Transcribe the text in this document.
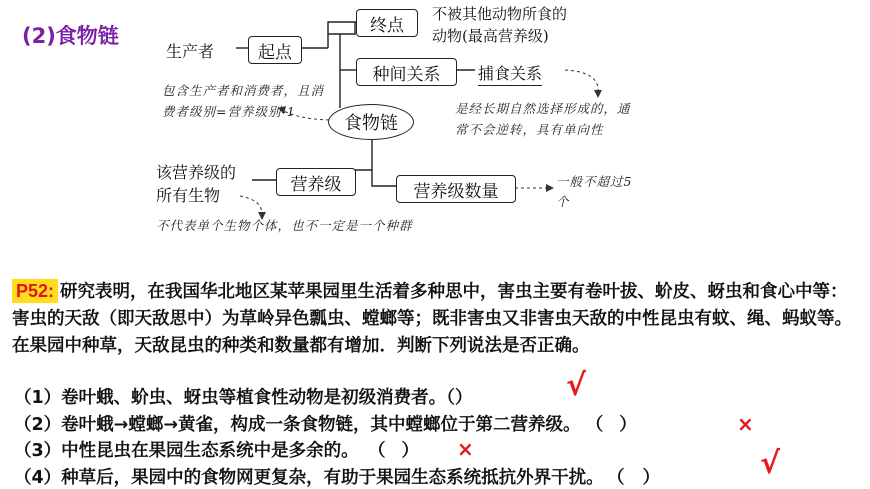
(2)食物链
生产者	起点
终点
不被其他动物所食的
动物(最高营养级)
种间关系	捕食关系
是经长期自然选择形成的，通常不会逆转，具有单向性
包含生产者和消费者，且消费者级别=营养级别-1
食物链
该营养级的
所有生物
营养级	营养级数量	一般不超过5个
不代表单个生物个体，也不一定是一个种群
研究表明，在我国华北地区某苹果园里生活着多种思中，害虫主要有卷叶拔、蚧皮、蚜虫和食心中等：害虫的天敌（即天敌思中）为草岭异色瓢虫、螳螂等；既非害虫又非害虫天敌的中性昆虫有蚊、绳、蚂蚁等。在果园中种草，天敌昆虫的种类和数量都有增加．判断下列说法是否正确。
P52:
（1）卷叶蛾、蚧虫、蚜虫等植食性动物是初级消费者。（）	√
（2）卷叶蛾→螳螂→黄雀，构成一条食物链，其中螳螂位于第二营养级。 （ ）	×
（3）中性昆虫在果园生态系统中是多余的。 （ ） ×
（4）种草后，果园中的食物网更复杂，有助于果园生态系统抵抗外界干扰。 （ ）	√
